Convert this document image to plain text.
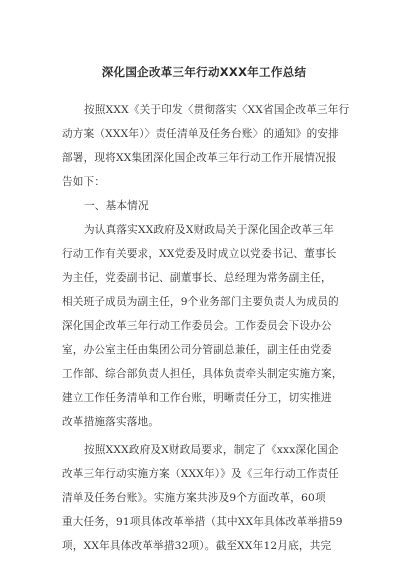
深化国企改革三年行动XXX年工作总结

按照XXX《关于印发〈贯彻落实〈XX省国企改革三年行

动方案（XXX年）〉责任清单及任务台账〉的通知》的安排

部署，现将XX集团深化国企改革三年行动工作开展情况报

告如下：

一、基本情况

为认真落实XX政府及X财政局关于深化国企改革三年

行动工作有关要求，XX党委及时成立以党委书记、董事长

为主任，党委副书记、副董事长、总经理为常务副主任，

相关班子成员为副主任，9个业务部门主要负责人为成员的

深化国企改革三年行动工作委员会。工作委员会下设办公

室，办公室主任由集团公司分管副总兼任，副主任由党委

工作部、综合部负责人担任，具体负责牵头制定实施方案，

建立工作任务清单和工作台账，明晰责任分工，切实推进

改革措施落实落地。

按照XXX政府及X财政局要求，制定了《xxx深化国企

改革三年行动实施方案（XXX年）》及《三年行动工作责任

清单及任务台账》。实施方案共涉及9个方面改革，60项

重大任务，91项具体改革举措（其中XX年具体改革举措59

项，XX年具体改革举措32项）。截至XX年12月底，共完
